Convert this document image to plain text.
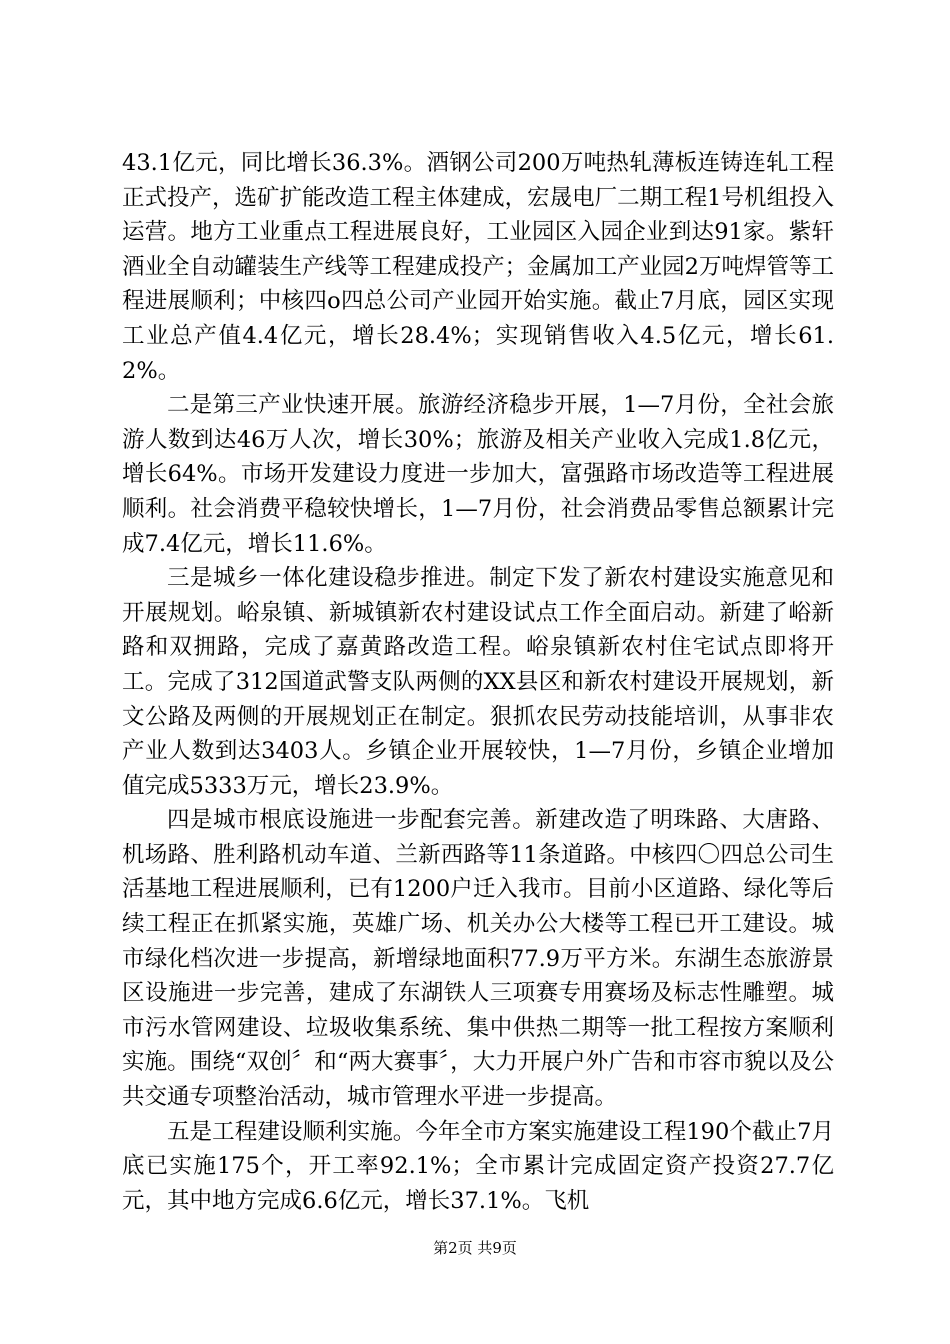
43.1亿元，同比增长36.3%。酒钢公司200万吨热轧薄板连铸连轧工程正式投产，选矿扩能改造工程主体建成，宏晟电厂二期工程1号机组投入运营。地方工业重点工程进展良好，工业园区入园企业到达91家。紫轩酒业全自动罐装生产线等工程建成投产；金属加工产业园2万吨焊管等工程进展顺利；中核四o四总公司产业园开始实施。截止7月底，园区实现工业总产值4.4亿元，增长28.4%；实现销售收入4.5亿元，增长61.2%。

二是第三产业快速开展。旅游经济稳步开展，1—7月份，全社会旅游人数到达46万人次，增长30%；旅游及相关产业收入完成1.8亿元，增长64%。市场开发建设力度进一步加大，富强路市场改造等工程进展顺利。社会消费平稳较快增长，1—7月份，社会消费品零售总额累计完成7.4亿元，增长11.6%。

三是城乡一体化建设稳步推进。制定下发了新农村建设实施意见和开展规划。峪泉镇、新城镇新农村建设试点工作全面启动。新建了峪新路和双拥路，完成了嘉黄路改造工程。峪泉镇新农村住宅试点即将开工。完成了312国道武警支队两侧的XX县区和新农村建设开展规划，新文公路及两侧的开展规划正在制定。狠抓农民劳动技能培训，从事非农产业人数到达3403人。乡镇企业开展较快，1—7月份，乡镇企业增加值完成5333万元，增长23.9%。

四是城市根底设施进一步配套完善。新建改造了明珠路、大唐路、机场路、胜利路机动车道、兰新西路等11条道路。中核四〇四总公司生活基地工程进展顺利，已有1200户迁入我市。目前小区道路、绿化等后续工程正在抓紧实施，英雄广场、机关办公大楼等工程已开工建设。城市绿化档次进一步提高，新增绿地面积77.9万平方米。东湖生态旅游景区设施进一步完善，建成了东湖铁人三项赛专用赛场及标志性雕塑。城市污水管网建设、垃圾收集系统、集中供热二期等一批工程按方案顺利实施。围绕“双创〞和“两大赛事〞，大力开展户外广告和市容市貌以及公共交通专项整治活动，城市管理水平进一步提高。

五是工程建设顺利实施。今年全市方案实施建设工程190个截止7月底已实施175个，开工率92.1%；全市累计完成固定资产投资27.7亿元，其中地方完成6.6亿元，增长37.1%。飞机

第2页 共9页
